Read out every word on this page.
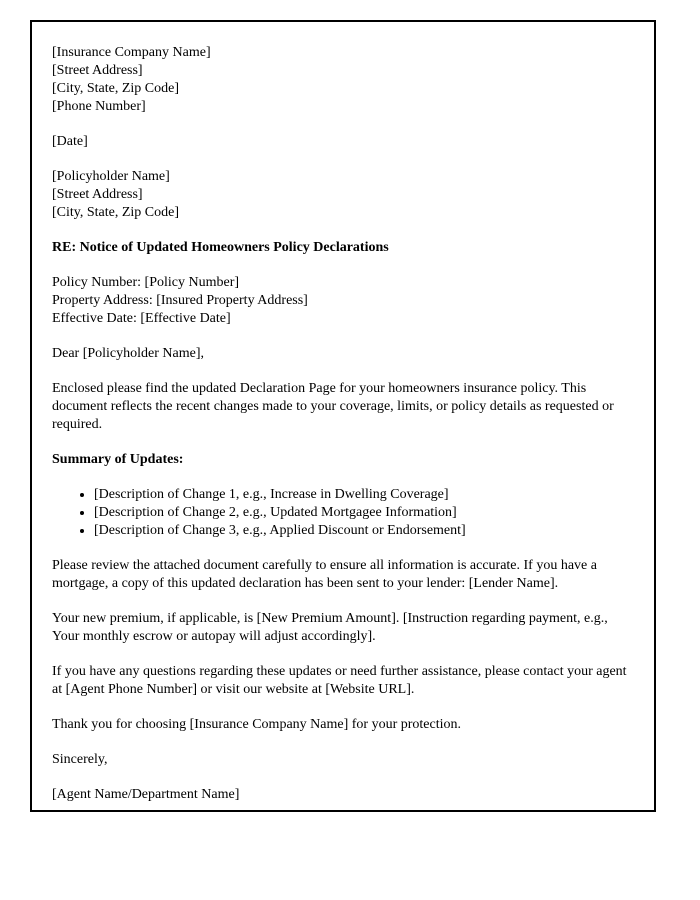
[Insurance Company Name]
[Street Address]
[City, State, Zip Code]
[Phone Number]
[Date]
[Policyholder Name]
[Street Address]
[City, State, Zip Code]
RE: Notice of Updated Homeowners Policy Declarations
Policy Number: [Policy Number]
Property Address: [Insured Property Address]
Effective Date: [Effective Date]
Dear [Policyholder Name],

Enclosed please find the updated Declaration Page for your homeowners insurance policy. This document reflects the recent changes made to your coverage, limits, or policy details as requested or required.

Summary of Updates:
• [Description of Change 1, e.g., Increase in Dwelling Coverage]
• [Description of Change 2, e.g., Updated Mortgagee Information]
• [Description of Change 3, e.g., Applied Discount or Endorsement]

Please review the attached document carefully to ensure all information is accurate. If you have a mortgage, a copy of this updated declaration has been sent to your lender: [Lender Name].

Your new premium, if applicable, is [New Premium Amount]. [Instruction regarding payment, e.g., Your monthly escrow or autopay will adjust accordingly].

If you have any questions regarding these updates or need further assistance, please contact your agent at [Agent Phone Number] or visit our website at [Website URL].

Thank you for choosing [Insurance Company Name] for your protection.

Sincerely,
[Agent Name/Department Name]
